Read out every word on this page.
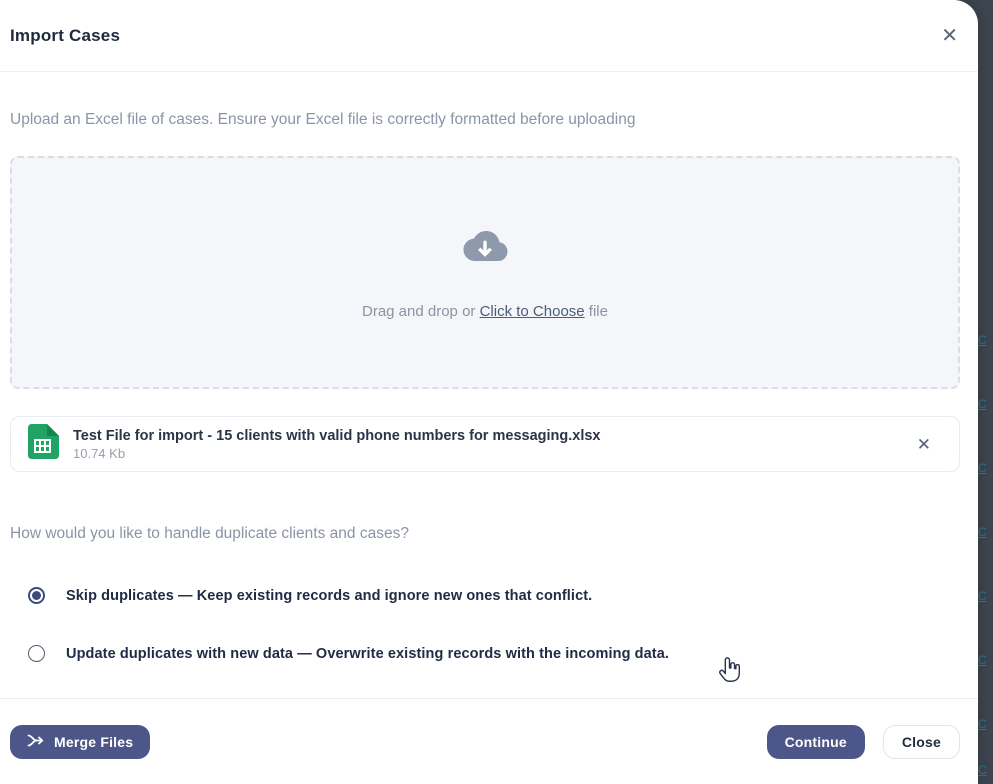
C
C
C
C
C
C
C
C
Import Cases	✕

Upload an Excel file of cases. Ensure your Excel file is correctly formatted before uploading

Drag and drop or Click to Choose file
Test File for import - 15 clients with valid phone numbers for messaging.xlsx
10.74 Kb	✕

How would you like to handle duplicate clients and cases?

Skip duplicates — Keep existing records and ignore new ones that conflict.
Update duplicates with new data — Overwrite existing records with the incoming data.
Merge Files	Continue	Close
